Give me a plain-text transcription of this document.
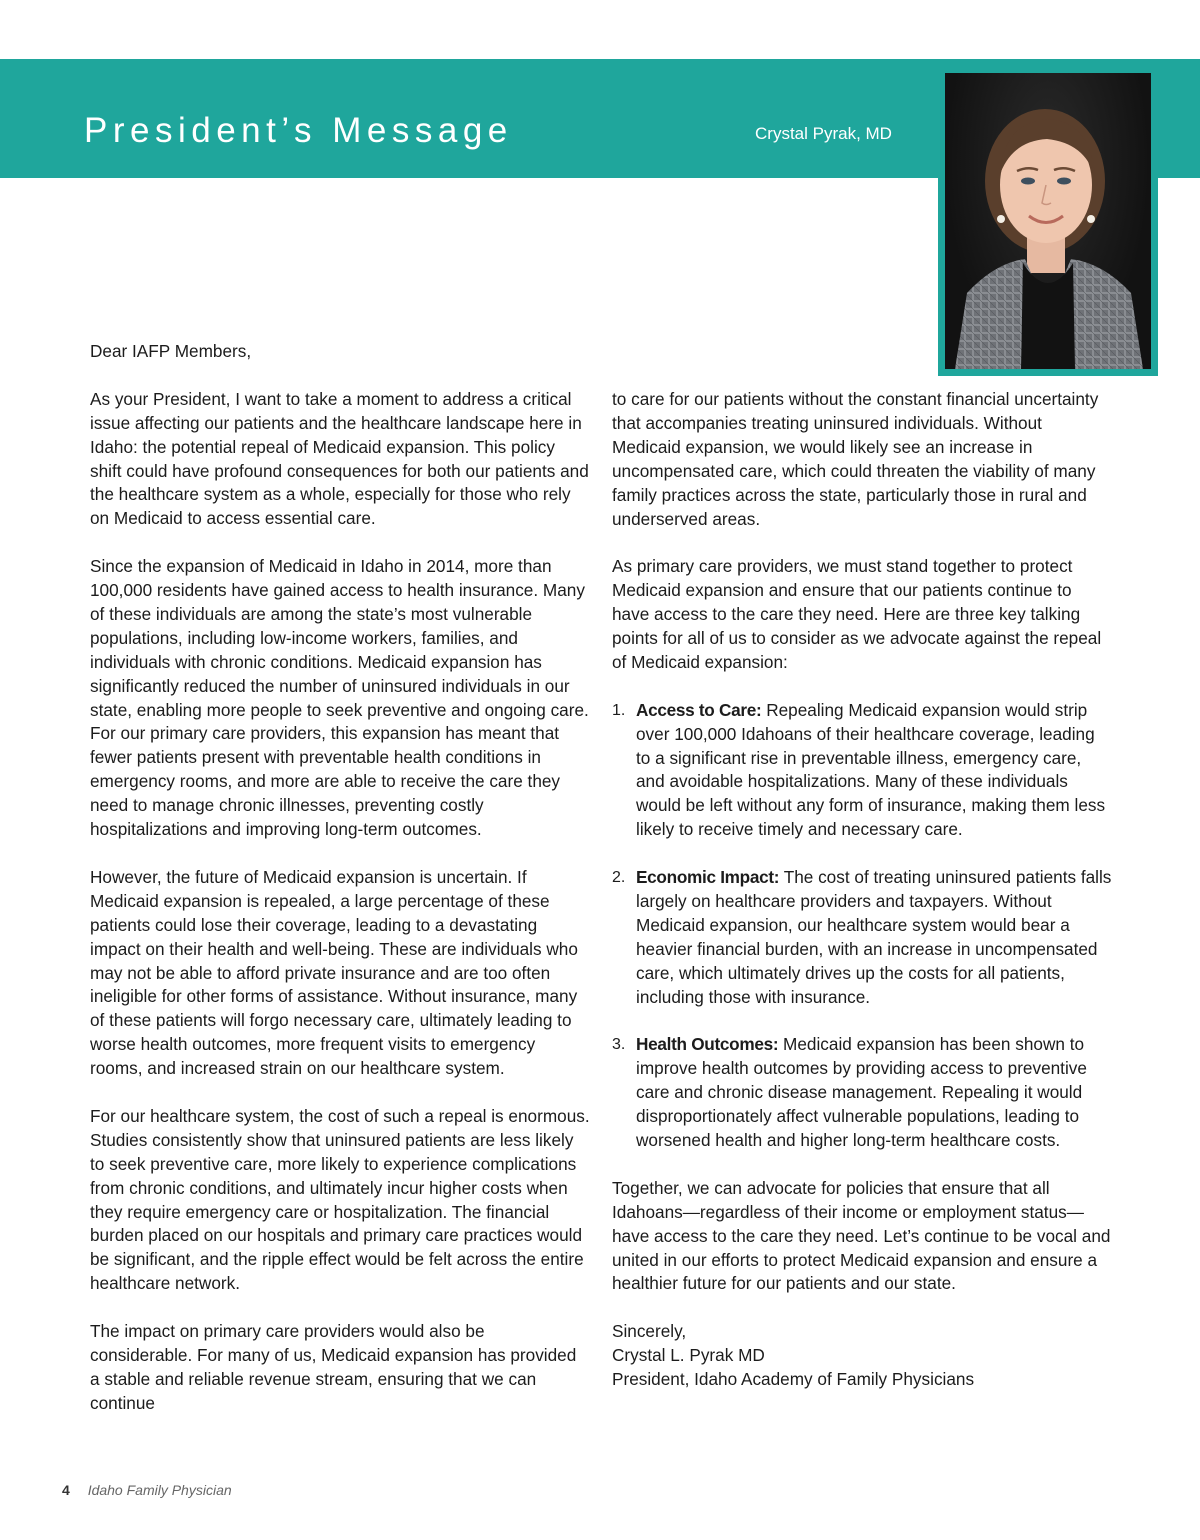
President’s Message	Crystal Pyrak, MD

Dear IAFP Members,

As your President, I want to take a moment to address a critical issue affecting our patients and the healthcare landscape here in Idaho: the potential repeal of Medicaid expansion. This policy shift could have profound consequences for both our patients and the healthcare system as a whole, especially for those who rely on Medicaid to access essential care.

Since the expansion of Medicaid in Idaho in 2014, more than 100,000 residents have gained access to health insurance. Many of these individuals are among the state’s most vulnerable populations, including low-income workers, families, and individuals with chronic conditions. Medicaid expansion has significantly reduced the number of uninsured individuals in our state, enabling more people to seek preventive and ongoing care. For our primary care providers, this expansion has meant that fewer patients present with preventable health conditions in emergency rooms, and more are able to receive the care they need to manage chronic illnesses, preventing costly hospitalizations and improving long-term outcomes.

However, the future of Medicaid expansion is uncertain. If Medicaid expansion is repealed, a large percentage of these patients could lose their coverage, leading to a devastating impact on their health and well-being. These are individuals who may not be able to afford private insurance and are too often ineligible for other forms of assistance. Without insurance, many of these patients will forgo necessary care, ultimately leading to worse health outcomes, more frequent visits to emergency rooms, and increased strain on our healthcare system.

For our healthcare system, the cost of such a repeal is enormous. Studies consistently show that uninsured patients are less likely to seek preventive care, more likely to experience complications from chronic conditions, and ultimately incur higher costs when they require emergency care or hospitalization. The financial burden placed on our hospitals and primary care practices would be significant, and the ripple effect would be felt across the entire healthcare network.

The impact on primary care providers would also be considerable. For many of us, Medicaid expansion has provided a stable and reliable revenue stream, ensuring that we can continue

to care for our patients without the constant financial uncertainty that accompanies treating uninsured individuals. Without Medicaid expansion, we would likely see an increase in uncompensated care, which could threaten the viability of many family practices across the state, particularly those in rural and underserved areas.

As primary care providers, we must stand together to protect Medicaid expansion and ensure that our patients continue to have access to the care they need. Here are three key talking points for all of us to consider as we advocate against the repeal of Medicaid expansion:

1. Access to Care: Repealing Medicaid expansion would strip over 100,000 Idahoans of their healthcare coverage, leading to a significant rise in preventable illness, emergency care, and avoidable hospitalizations. Many of these individuals would be left without any form of insurance, making them less likely to receive timely and necessary care.
2. Economic Impact: The cost of treating uninsured patients falls largely on healthcare providers and taxpayers. Without Medicaid expansion, our healthcare system would bear a heavier financial burden, with an increase in uncompensated care, which ultimately drives up the costs for all patients, including those with insurance.
3. Health Outcomes: Medicaid expansion has been shown to improve health outcomes by providing access to preventive care and chronic disease management. Repealing it would disproportionately affect vulnerable populations, leading to worsened health and higher long-term healthcare costs.

Together, we can advocate for policies that ensure that all Idahoans—regardless of their income or employment status—have access to the care they need. Let’s continue to be vocal and united in our efforts to protect Medicaid expansion and ensure a healthier future for our patients and our state.

Sincerely,
Crystal L. Pyrak MD
President, Idaho Academy of Family Physicians

4 Idaho Family Physician
